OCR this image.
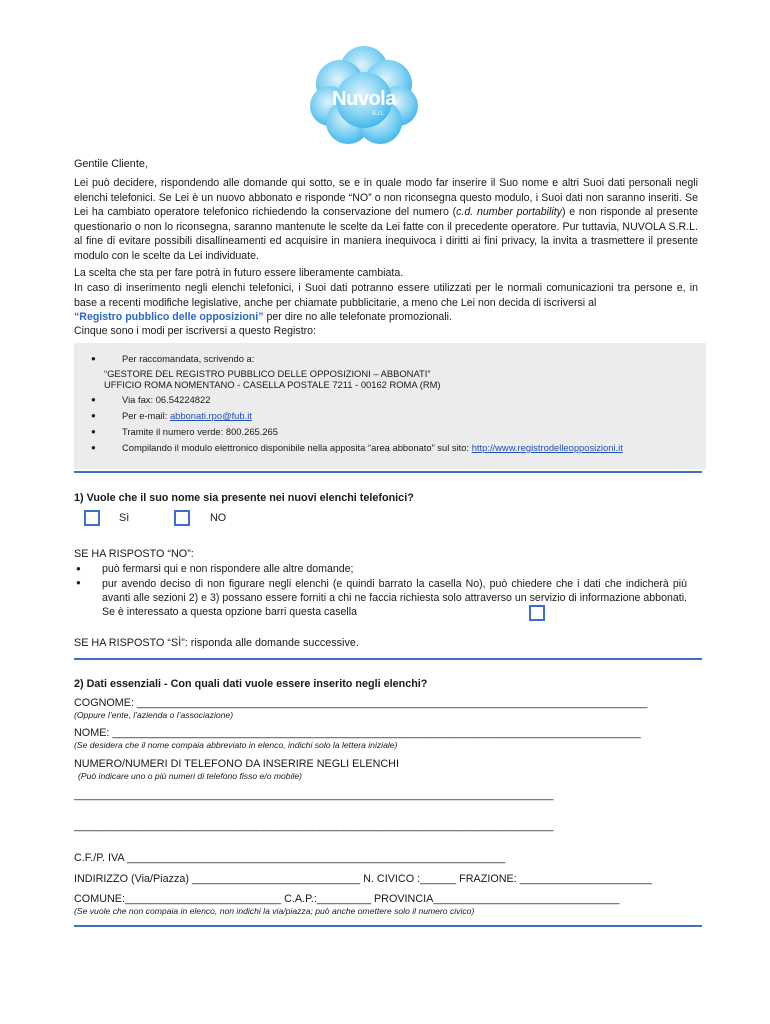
Nuvola
S.r.l.
Gentile Cliente,
Lei può decidere, rispondendo alle domande qui sotto, se e in quale modo far inserire il Suo nome e altri Suoi dati personali negli elenchi telefonici. Se Lei è un nuovo abbonato e risponde “NO” o non riconsegna questo modulo, i Suoi dati non saranno inseriti. Se Lei ha cambiato operatore telefonico richiedendo la conservazione del numero (c.d. number portability) e non risponde al presente questionario o non lo riconsegna, saranno mantenute le scelte da Lei fatte con il precedente operatore. Pur tuttavia, NUVOLA S.R.L. al fine di evitare possibili disallineamenti ed acquisire in maniera inequivoca i diritti ai fini privacy, la invita a trasmettere il presente modulo con le scelte da Lei individuate.
La scelta che sta per fare potrà in futuro essere liberamente cambiata.
In caso di inserimento negli elenchi telefonici, i Suoi dati potranno essere utilizzati per le normali comunicazioni tra persone e, in base a recenti modifiche legislative, anche per chiamate pubblicitarie, a meno che Lei non decida di iscriversi al
“Registro pubblico delle opposizioni” per dire no alle telefonate promozionali.
Cinque sono i modi per iscriversi a questo Registro:
●	Per raccomandata, scrivendo a:
“GESTORE DEL REGISTRO PUBBLICO DELLE OPPOSIZIONI – ABBONATI”
UFFICIO ROMA NOMENTANO - CASELLA POSTALE 7211 - 00162 ROMA (RM)
●	Via fax: 06.54224822
●	Per e-mail: abbonati.rpo@fub.it
●	Tramite il numero verde: 800.265.265
●	Compilando il modulo elettronico disponibile nella apposita “area abbonato” sul sito: http://www.registrodelleopposizioni.it
1) Vuole che il suo nome sia presente nei nuovi elenchi telefonici?
Sì	NO
SE HA RISPOSTO “NO”:
● può fermarsi qui e non rispondere alle altre domande;
● pur avendo deciso di non figurare negli elenchi (e quindi barrato la casella No), può chiedere che i dati che indicherà più avanti alle sezioni 2) e 3) possano essere forniti a chi ne faccia richiesta solo attraverso un servizio di informazione abbonati. Se è interessato a questa opzione barri questa casella
SE HA RISPOSTO “SÌ”: risponda alle domande successive.
2) Dati essenziali - Con quali dati vuole essere inserito negli elenchi?
COGNOME: _____________________________________________________________________________________
(Oppure l’ente, l’azienda o l’associazione)
NOME: ________________________________________________________________________________________
(Se desidera che il nome compaia abbreviato in elenco, indichi solo la lettera iniziale)
NUMERO/NUMERI DI TELEFONO DA INSERIRE NEGLI ELENCHI
(Può indicare uno o più numeri di telefono fisso e/o mobile)
____________________________________________________________________________________
____________________________________________________________________________________
C.F./P. IVA _______________________________________________________________
INDIRIZZO (Via/Piazza) ____________________________ N. CIVICO :______ FRAZIONE: ______________________
COMUNE:__________________________ C.A.P.:_________ PROVINCIA_______________________________
(Se vuole che non compaia in elenco, non indichi la via/piazza; può anche omettere solo il numero civico)
